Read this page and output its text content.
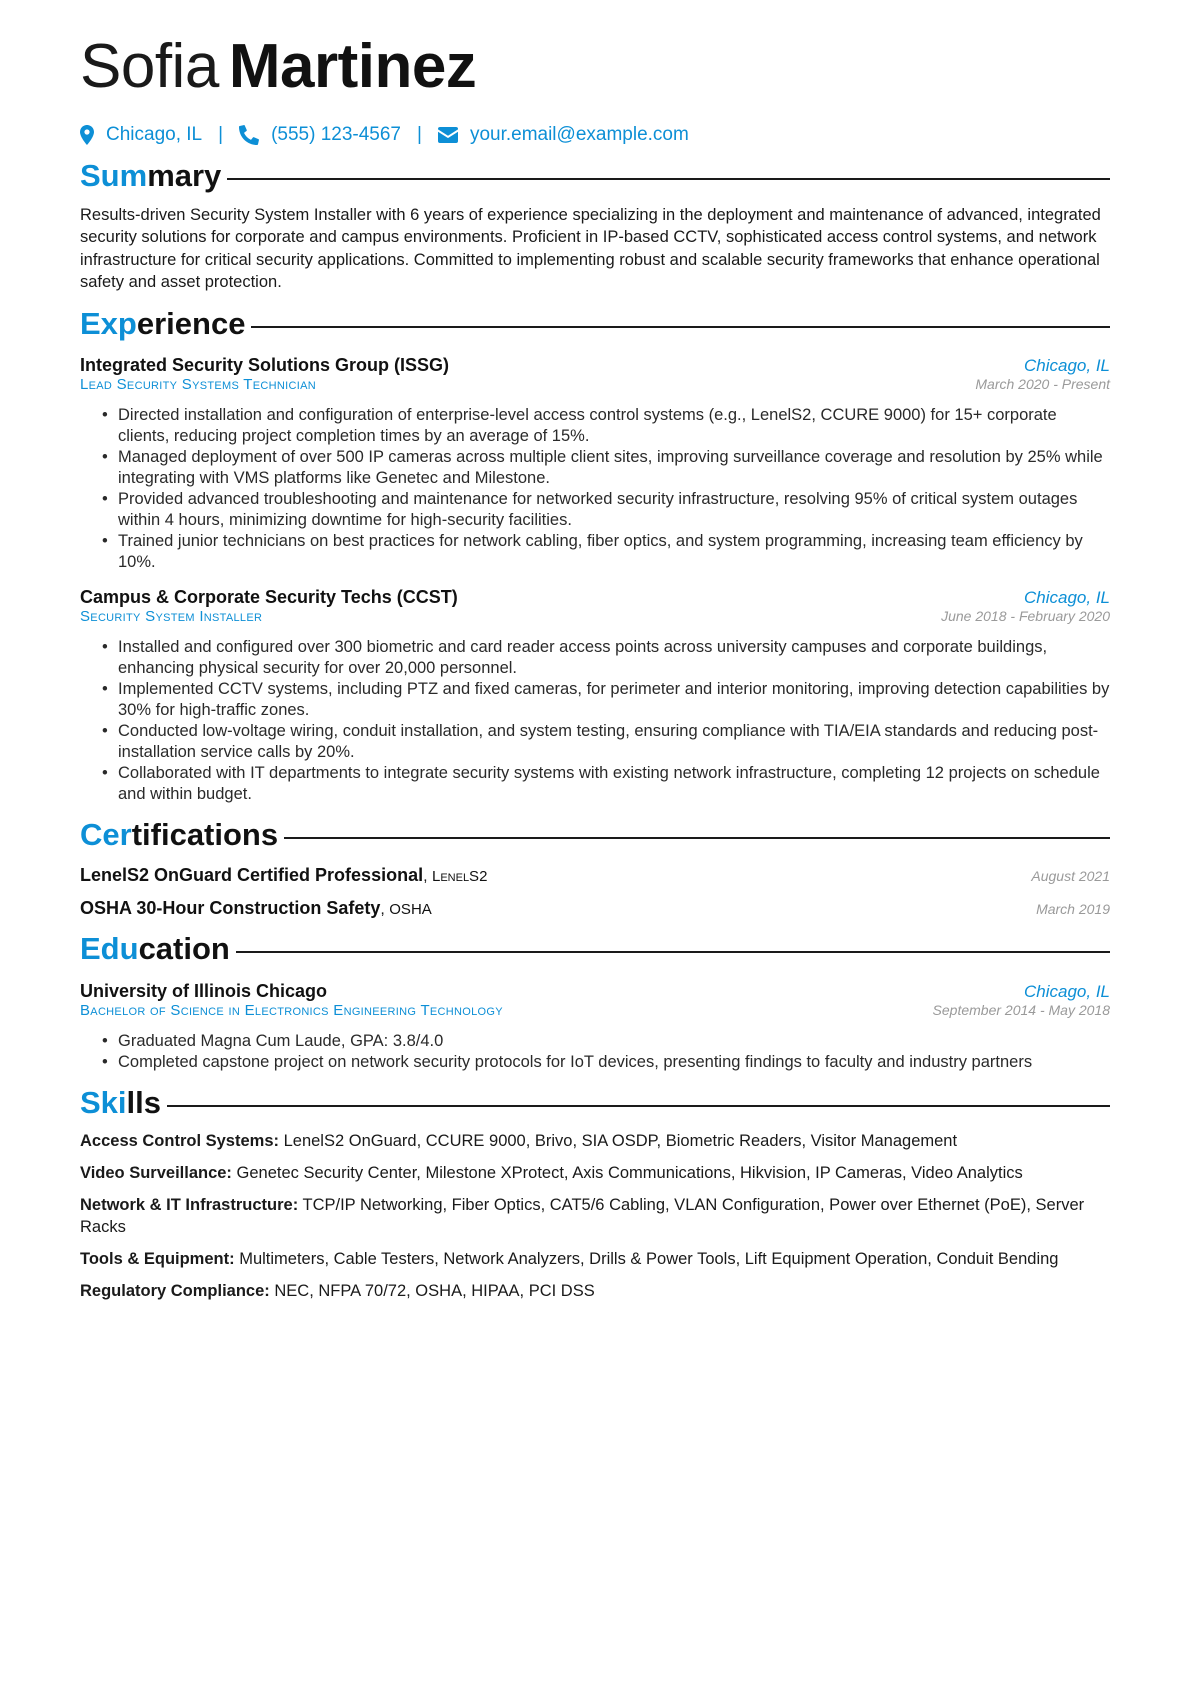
Sofia Martinez
Chicago, IL |	(555) 123-4567 |	your.email@example.com
Summary

Results-driven Security System Installer with 6 years of experience specializing in the deployment and maintenance of advanced, integrated security solutions for corporate and campus environments. Proficient in IP-based CCTV, sophisticated access control systems, and network infrastructure for critical security applications. Committed to implementing robust and scalable security frameworks that enhance operational safety and asset protection.

Experience
Integrated Security Solutions Group (ISSG)	Chicago, IL
Lead Security Systems Technician	March 2020 - Present
• Directed installation and configuration of enterprise-level access control systems (e.g., LenelS2, CCURE 9000) for 15+ corporate clients, reducing project completion times by an average of 15%.
• Managed deployment of over 500 IP cameras across multiple client sites, improving surveillance coverage and resolution by 25% while integrating with VMS platforms like Genetec and Milestone.
• Provided advanced troubleshooting and maintenance for networked security infrastructure, resolving 95% of critical system outages within 4 hours, minimizing downtime for high-security facilities.
• Trained junior technicians on best practices for network cabling, fiber optics, and system programming, increasing team efficiency by 10%.
Campus & Corporate Security Techs (CCST)	Chicago, IL
Security System Installer	June 2018 - February 2020
• Installed and configured over 300 biometric and card reader access points across university campuses and corporate buildings, enhancing physical security for over 20,000 personnel.
• Implemented CCTV systems, including PTZ and fixed cameras, for perimeter and interior monitoring, improving detection capabilities by 30% for high-traffic zones.
• Conducted low-voltage wiring, conduit installation, and system testing, ensuring compliance with TIA/EIA standards and reducing post-installation service calls by 20%.
• Collaborated with IT departments to integrate security systems with existing network infrastructure, completing 12 projects on schedule and within budget.
Certifications
LenelS2 OnGuard Certified Professional, LenelS2	August 2021
OSHA 30-Hour Construction Safety, OSHA	March 2019
Education
University of Illinois Chicago	Chicago, IL
Bachelor of Science in Electronics Engineering Technology	September 2014 - May 2018
• Graduated Magna Cum Laude, GPA: 3.8/4.0
• Completed capstone project on network security protocols for IoT devices, presenting findings to faculty and industry partners
Skills
Access Control Systems: LenelS2 OnGuard, CCURE 9000, Brivo, SIA OSDP, Biometric Readers, Visitor Management
Video Surveillance: Genetec Security Center, Milestone XProtect, Axis Communications, Hikvision, IP Cameras, Video Analytics
Network & IT Infrastructure: TCP/IP Networking, Fiber Optics, CAT5/6 Cabling, VLAN Configuration, Power over Ethernet (PoE), Server Racks
Tools & Equipment: Multimeters, Cable Testers, Network Analyzers, Drills & Power Tools, Lift Equipment Operation, Conduit Bending
Regulatory Compliance: NEC, NFPA 70/72, OSHA, HIPAA, PCI DSS
